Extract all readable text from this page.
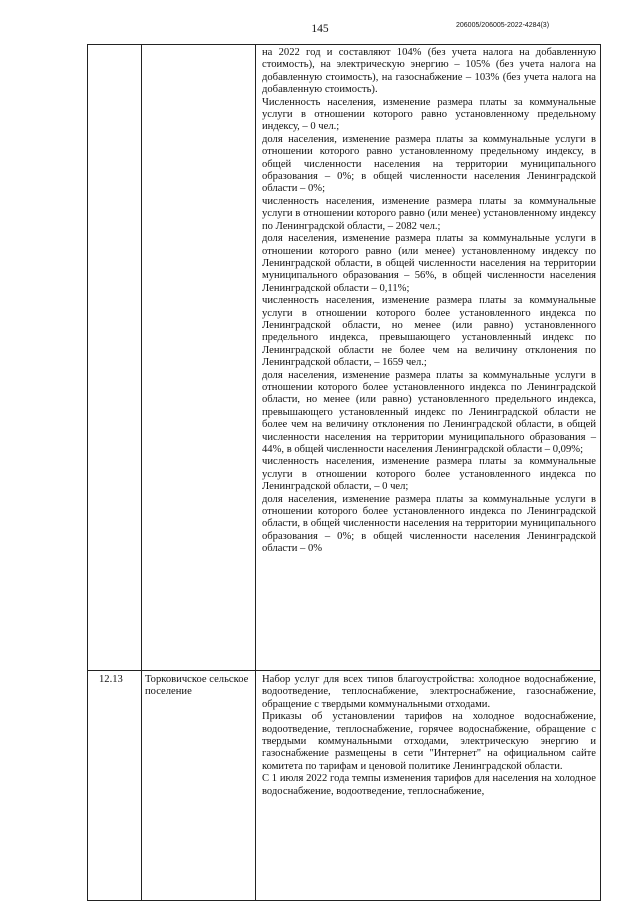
145	206005/206005-2022-4284(3)

на 2022 год и составляют 104% (без учета налога на добавленную стоимость), на электрическую энергию – 105% (без учета налога на добавленную стоимость), на газоснабжение – 103% (без учета налога на добавленную стоимость).

Численность населения, изменение размера платы за коммунальные услуги в отношении которого равно установленному предельному индексу, – 0 чел.;

доля населения, изменение размера платы за коммунальные услуги в отношении которого равно установленному предельному индексу, в общей численности населения на территории муниципального образования – 0%; в общей численности населения Ленинградской области – 0%;

численность населения, изменение размера платы за коммунальные услуги в отношении которого равно (или менее) установленному индексу по Ленинградской области, – 2082 чел.;

доля населения, изменение размера платы за коммунальные услуги в отношении которого равно (или менее) установленному индексу по Ленинградской области, в общей численности населения на территории муниципального образования – 56%, в общей численности населения Ленинградской области – 0,11%;

численность населения, изменение размера платы за коммунальные услуги в отношении которого более установленного индекса по Ленинградской области, но менее (или равно) установленного предельного индекса, превышающего установленный индекс по Ленинградской области не более чем на величину отклонения по Ленинградской области, – 1659 чел.;

доля населения, изменение размера платы за коммунальные услуги в отношении которого более установленного индекса по Ленинградской области, но менее (или равно) установленного предельного индекса, превышающего установленный индекс по Ленинградской области не более чем на величину отклонения по Ленинградской области, в общей численности населения на территории муниципального образования – 44%, в общей численности населения Ленинградской области – 0,09%;

численность населения, изменение размера платы за коммунальные услуги в отношении которого более установленного индекса по Ленинградской области, – 0 чел;

доля населения, изменение размера платы за коммунальные услуги в отношении которого более установленного индекса по Ленинградской области, в общей численности населения на территории муниципального образования – 0%; в общей численности населения Ленинградской области – 0%

12.13 Торковичское сельское поселение

Набор услуг для всех типов благоустройства: холодное водоснабжение, водоотведение, теплоснабжение, электроснабжение, газоснабжение, обращение с твердыми коммунальными отходами.

Приказы об установлении тарифов на холодное водоснабжение, водоотведение, теплоснабжение, горячее водоснабжение, обращение с твердыми коммунальными отходами, электрическую энергию и газоснабжение размещены в сети "Интернет" на официальном сайте комитета по тарифам и ценовой политике Ленинградской области.

С 1 июля 2022 года темпы изменения тарифов для населения на холодное водоснабжение, водоотведение, теплоснабжение,
